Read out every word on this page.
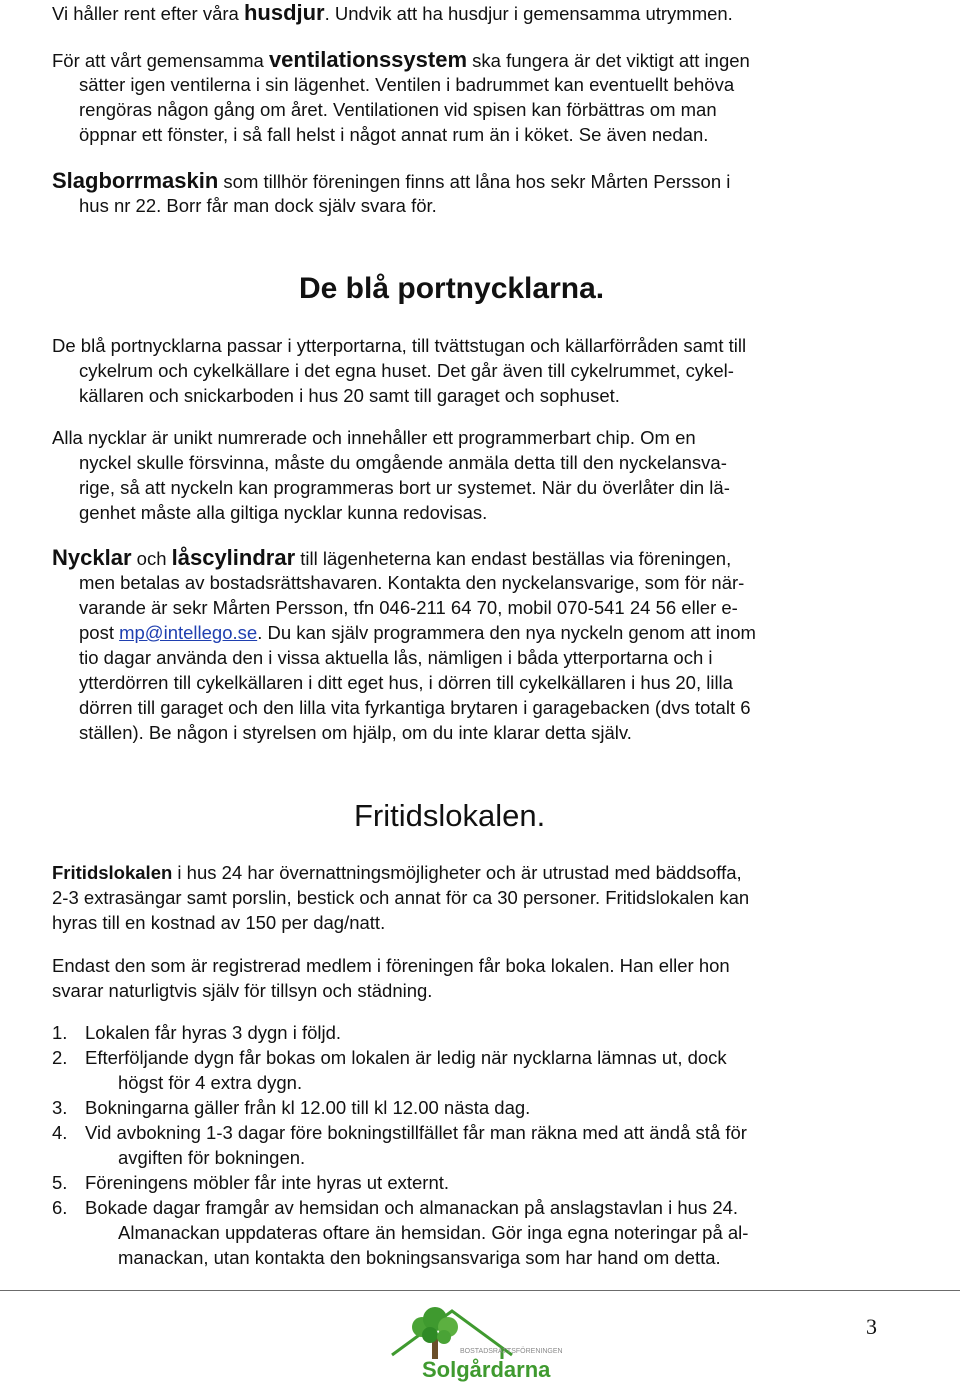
Vi håller rent efter våra husdjur. Undvik att ha husdjur i gemensamma utrymmen.
För att vårt gemensamma ventilationssystem ska fungera är det viktigt att ingen
sätter igen ventilerna i sin lägenhet. Ventilen i badrummet kan eventuellt behöva
rengöras någon gång om året. Ventilationen vid spisen kan förbättras om man
öppnar ett fönster, i så fall helst i något annat rum än i köket. Se även nedan.
Slagborrmaskin som tillhör föreningen finns att låna hos sekr Mårten Persson i
hus nr 22. Borr får man dock själv svara för.
De blå portnycklarna.
De blå portnycklarna passar i ytterportarna, till tvättstugan och källarförråden samt till
cykelrum och cykelkällare i det egna huset. Det går även till cykelrummet, cykel-
källaren och snickarboden i hus 20 samt till garaget och sophuset.
Alla nycklar är unikt numrerade och innehåller ett programmerbart chip. Om en
nyckel skulle försvinna, måste du omgående anmäla detta till den nyckelansva-
rige, så att nyckeln kan programmeras bort ur systemet. När du överlåter din lä-
genhet måste alla giltiga nycklar kunna redovisas.
Nycklar och låscylindrar till lägenheterna kan endast beställas via föreningen,
men betalas av bostadsrättshavaren. Kontakta den nyckelansvarige, som för när-
varande är sekr Mårten Persson, tfn 046-211 64 70, mobil 070-541 24 56 eller e-
post mp@intellego.se. Du kan själv programmera den nya nyckeln genom att inom
tio dagar använda den i vissa aktuella lås, nämligen i båda ytterportarna och i
ytterdörren till cykelkällaren i ditt eget hus, i dörren till cykelkällaren i hus 20, lilla
dörren till garaget och den lilla vita fyrkantiga brytaren i garagebacken (dvs totalt 6
ställen). Be någon i styrelsen om hjälp, om du inte klarar detta själv.
Fritidslokalen.
Fritidslokalen i hus 24 har övernattningsmöjligheter och är utrustad med bäddsoffa,
2-3 extrasängar samt porslin, bestick och annat för ca 30 personer. Fritidslokalen kan
hyras till en kostnad av 150 per dag/natt.
Endast den som är registrerad medlem i föreningen får boka lokalen. Han eller hon
svarar naturligtvis själv för tillsyn och städning.
1. Lokalen får hyras 3 dygn i följd.
2. Efterföljande dygn får bokas om lokalen är ledig när nycklarna lämnas ut, dock
högst för 4 extra dygn.
3. Bokningarna gäller från kl 12.00 till kl 12.00 nästa dag.
4. Vid avbokning 1-3 dagar före bokningstillfället får man räkna med att ändå stå för
avgiften för bokningen.
5. Föreningens möbler får inte hyras ut externt.
6. Bokade dagar framgår av hemsidan och almanackan på anslagstavlan i hus 24.
Almanackan uppdateras oftare än hemsidan. Gör inga egna noteringar på al-
manackan, utan kontakta den bokningsansvariga som har hand om detta.
BOSTADSRÄTTSFÖRENINGEN
Solgårdarna
3
